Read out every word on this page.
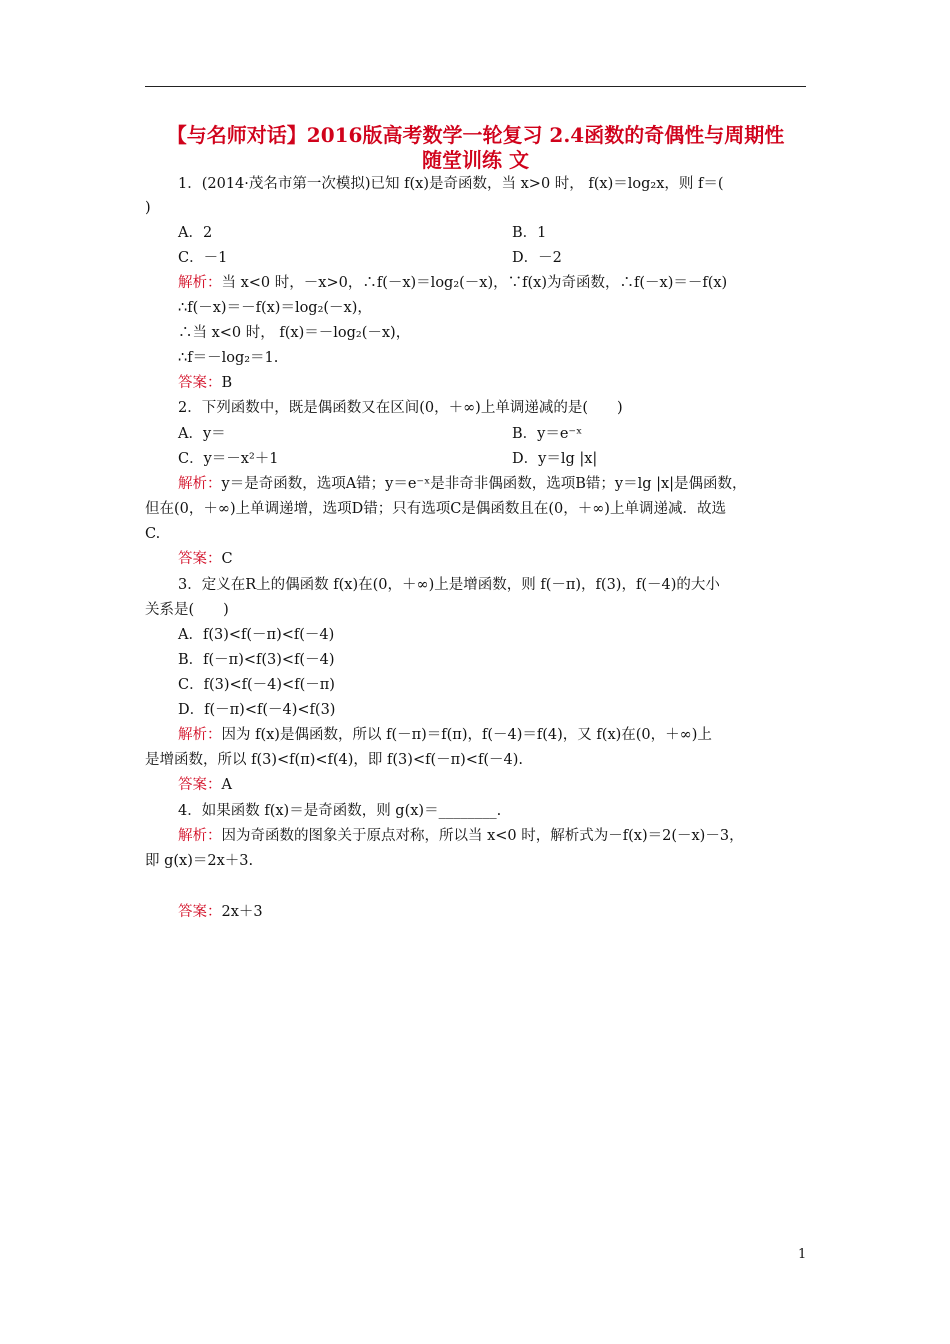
【与名师对话】2016版高考数学一轮复习 2.4函数的奇偶性与周期性
随堂训练 文
1．(2014·茂名市第一次模拟)已知 f(x)是奇函数，当 x>0 时， f(x)＝log₂x，则 f＝(
)
A．2	B．1
C．－1	D．－2
解析：当 x<0 时，－x>0，∴f(－x)＝log₂(－x)，∵f(x)为奇函数，∴f(－x)＝－f(x)
∴f(－x)＝－f(x)＝log₂(－x)，
∴当 x<0 时， f(x)＝－log₂(－x)，
∴f＝－log₂＝1.
答案：B
2．下列函数中，既是偶函数又在区间(0，＋∞)上单调递减的是(　　)
A．y＝	B．y＝e⁻ˣ
C．y＝－x²＋1	D．y＝lg |x|
解析：y＝是奇函数，选项A错；y＝e⁻ˣ是非奇非偶函数，选项B错；y＝lg |x|是偶函数，
但在(0，＋∞)上单调递增，选项D错；只有选项C是偶函数且在(0，＋∞)上单调递减．故选
C.
答案：C
3．定义在R上的偶函数 f(x)在(0，＋∞)上是增函数，则 f(－π)，f(3)，f(－4)的大小
关系是(　　)
A．f(3)<f(－π)<f(－4)
B．f(－π)<f(3)<f(－4)
C．f(3)<f(－4)<f(－π)
D．f(－π)<f(－4)<f(3)
解析：因为 f(x)是偶函数，所以 f(－π)＝f(π)，f(－4)＝f(4)，又 f(x)在(0，＋∞)上
是增函数，所以 f(3)<f(π)<f(4)，即 f(3)<f(－π)<f(－4).
答案：A
4．如果函数 f(x)＝是奇函数，则 g(x)＝________.
解析：因为奇函数的图象关于原点对称，所以当 x<0 时，解析式为－f(x)＝2(－x)－3，
即 g(x)＝2x＋3.
答案：2x＋3
1
